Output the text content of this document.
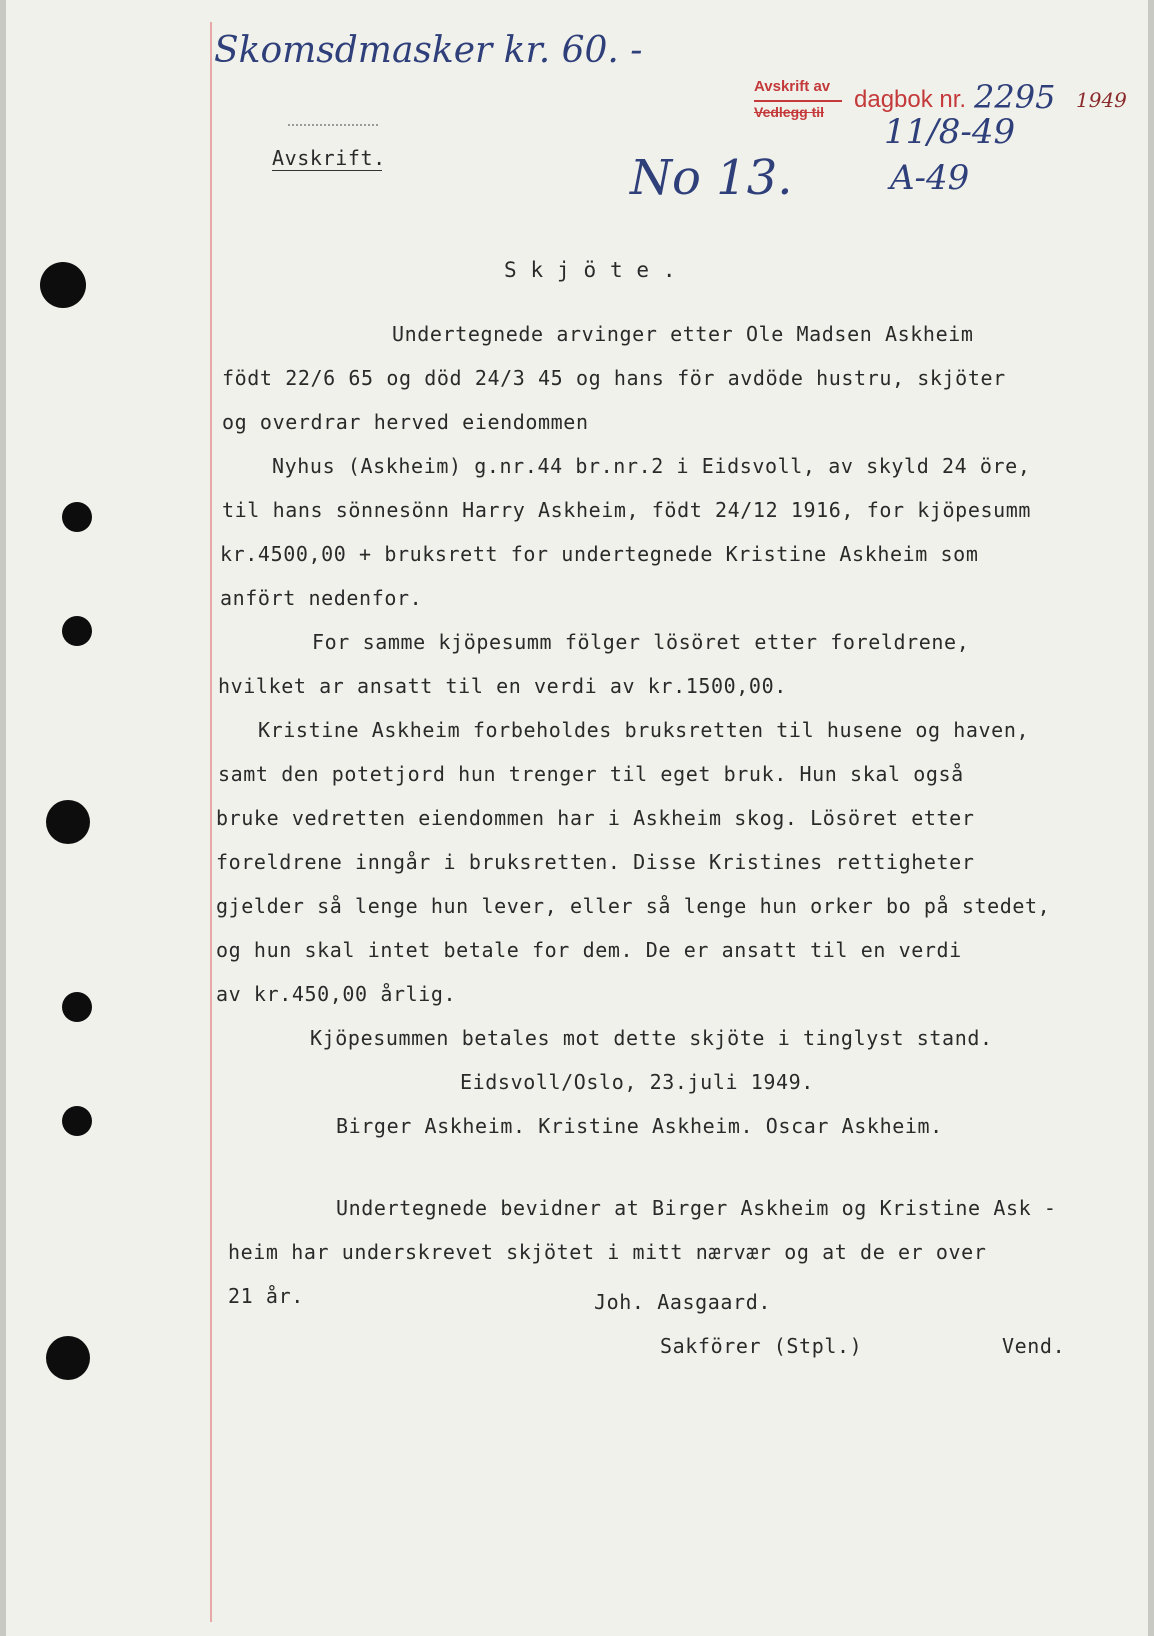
Skomsdmasker kr. 60. -
Avskrift av
Vedlegg til dagbok nr. 2295 1949
11/8-49
A-49
No 13.
Avskrift.
S k j ö t e .
Undertegnede arvinger etter Ole Madsen Askheim
födt 22/6 65 og död 24/3 45 og hans för avdöde hustru, skjöter
og overdrar herved eiendommen
Nyhus (Askheim) g.nr.44 br.nr.2 i Eidsvoll, av skyld 24 öre,
til hans sönnesönn Harry Askheim, födt 24/12 1916, for kjöpesumm
kr.4500,00 + bruksrett for undertegnede Kristine Askheim som
anfört nedenfor.
For samme kjöpesumm fölger lösöret etter foreldrene,
hvilket ar ansatt til en verdi av kr.1500,00.
Kristine Askheim forbeholdes bruksretten til husene og haven,
samt den potetjord hun trenger til eget bruk. Hun skal også
bruke vedretten eiendommen har i Askheim skog. Lösöret etter
foreldrene inngår i bruksretten. Disse Kristines rettigheter
gjelder så lenge hun lever, eller så lenge hun orker bo på stedet,
og hun skal intet betale for dem. De er ansatt til en verdi
av kr.450,00 årlig.
Kjöpesummen betales mot dette skjöte i tinglyst stand.
Eidsvoll/Oslo, 23.juli 1949.
Birger Askheim. Kristine Askheim. Oscar Askheim.
Undertegnede bevidner at Birger Askheim og Kristine Ask -
heim har underskrevet skjötet i mitt nærvær og at de er over
21 år.	Joh. Aasgaard.
Sakförer (Stpl.)	Vend.
